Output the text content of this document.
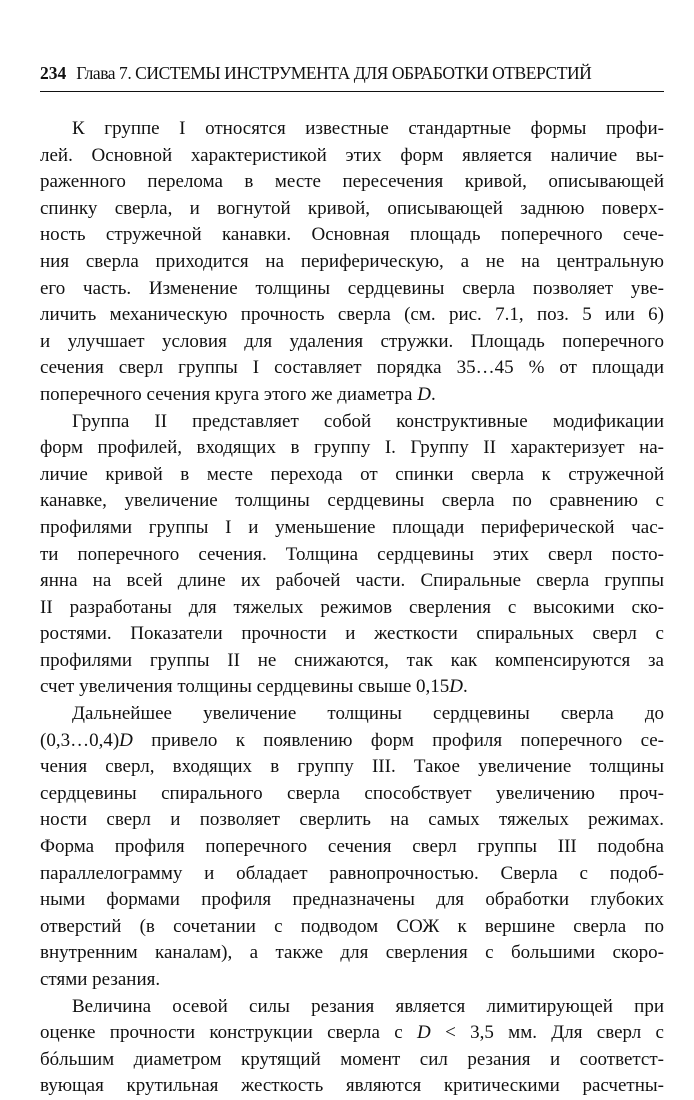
234 Глава 7. СИСТЕМЫ ИНСТРУМЕНТА ДЛЯ ОБРАБОТКИ ОТВЕРСТИЙ
К группе I относятся известные стандартные формы профи-
лей. Основной характеристикой этих форм является наличие вы-
раженного перелома в месте пересечения кривой, описывающей
спинку сверла, и вогнутой кривой, описывающей заднюю поверх-
ность стружечной канавки. Основная площадь поперечного сече-
ния сверла приходится на периферическую, а не на центральную
его часть. Изменение толщины сердцевины сверла позволяет уве-
личить механическую прочность сверла (см. рис. 7.1, поз. 5 или 6)
и улучшает условия для удаления стружки. Площадь поперечного
сечения сверл группы I составляет порядка 35…45 % от площади
поперечного сечения круга этого же диаметра D.
Группа II представляет собой конструктивные модификации
форм профилей, входящих в группу I. Группу II характеризует на-
личие кривой в месте перехода от спинки сверла к стружечной
канавке, увеличение толщины сердцевины сверла по сравнению с
профилями группы I и уменьшение площади периферической час-
ти поперечного сечения. Толщина сердцевины этих сверл посто-
янна на всей длине их рабочей части. Спиральные сверла группы
II разработаны для тяжелых режимов сверления с высокими ско-
ростями. Показатели прочности и жесткости спиральных сверл с
профилями группы II не снижаются, так как компенсируются за
счет увеличения толщины сердцевины свыше 0,15D.
Дальнейшее увеличение толщины сердцевины сверла до
(0,3…0,4)D привело к появлению форм профиля поперечного се-
чения сверл, входящих в группу III. Такое увеличение толщины
сердцевины спирального сверла способствует увеличению проч-
ности сверл и позволяет сверлить на самых тяжелых режимах.
Форма профиля поперечного сечения сверл группы III подобна
параллелограмму и обладает равнопрочностью. Сверла с подоб-
ными формами профиля предназначены для обработки глубоких
отверстий (в сочетании с подводом СОЖ к вершине сверла по
внутренним каналам), а также для сверления с большими скоро-
стями резания.
Величина осевой силы резания является лимитирующей при
оценке прочности конструкции сверла с D < 3,5 мм. Для сверл с
бóльшим диаметром крутящий момент сил резания и соответст-
вующая крутильная жесткость являются критическими расчетны-
